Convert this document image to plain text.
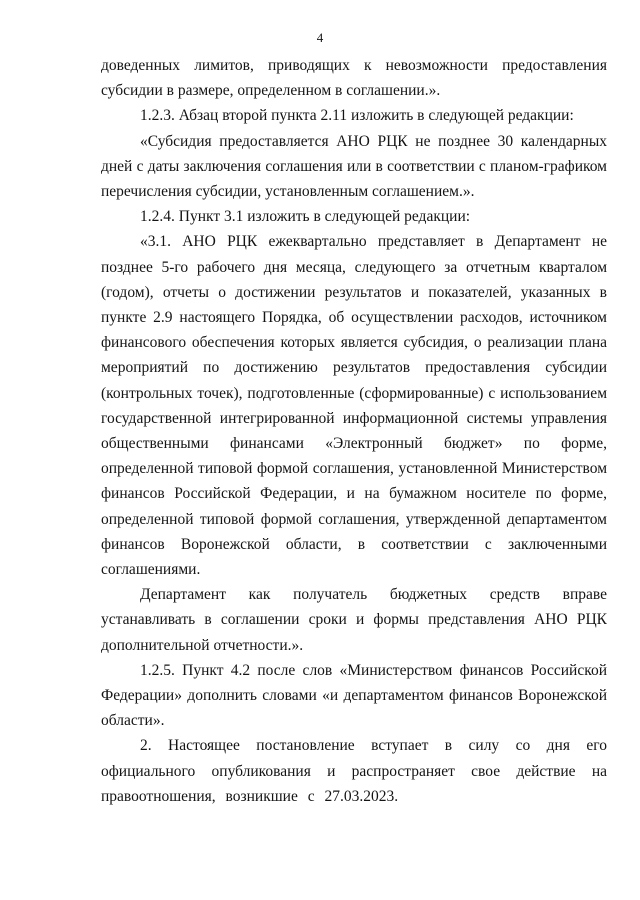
4

доведенных лимитов, приводящих к невозможности предоставления субсидии в размере, определенном в соглашении.».

1.2.3. Абзац второй пункта 2.11 изложить в следующей редакции:

«Субсидия предоставляется АНО РЦК не позднее 30 календарных дней с даты заключения соглашения или в соответствии с планом-графиком перечисления субсидии, установленным соглашением.».

1.2.4. Пункт 3.1 изложить в следующей редакции:

«3.1. АНО РЦК ежеквартально представляет в Департамент не позднее 5-го рабочего дня месяца, следующего за отчетным кварталом (годом), отчеты о достижении результатов и показателей, указанных в пункте 2.9 настоящего Порядка, об осуществлении расходов, источником финансового обеспечения которых является субсидия, о реализации плана мероприятий по достижению результатов предоставления субсидии (контрольных точек), подготовленные (сформированные) с использованием государственной интегрированной информационной системы управления общественными финансами «Электронный бюджет» по форме, определенной типовой формой соглашения, установленной Министерством финансов Российской Федерации, и на бумажном носителе по форме, определенной типовой формой соглашения, утвержденной департаментом финансов Воронежской области, в соответствии с заключенными соглашениями.

Департамент как получатель бюджетных средств вправе устанавливать в соглашении сроки и формы представления АНО РЦК дополнительной отчетности.».

1.2.5. Пункт 4.2 после слов «Министерством финансов Российской Федерации» дополнить словами «и департаментом финансов Воронежской области».

2. Настоящее постановление вступает в силу со дня его официального опубликования и распространяет свое действие на правоотношения, возникшие с 27.03.2023.
